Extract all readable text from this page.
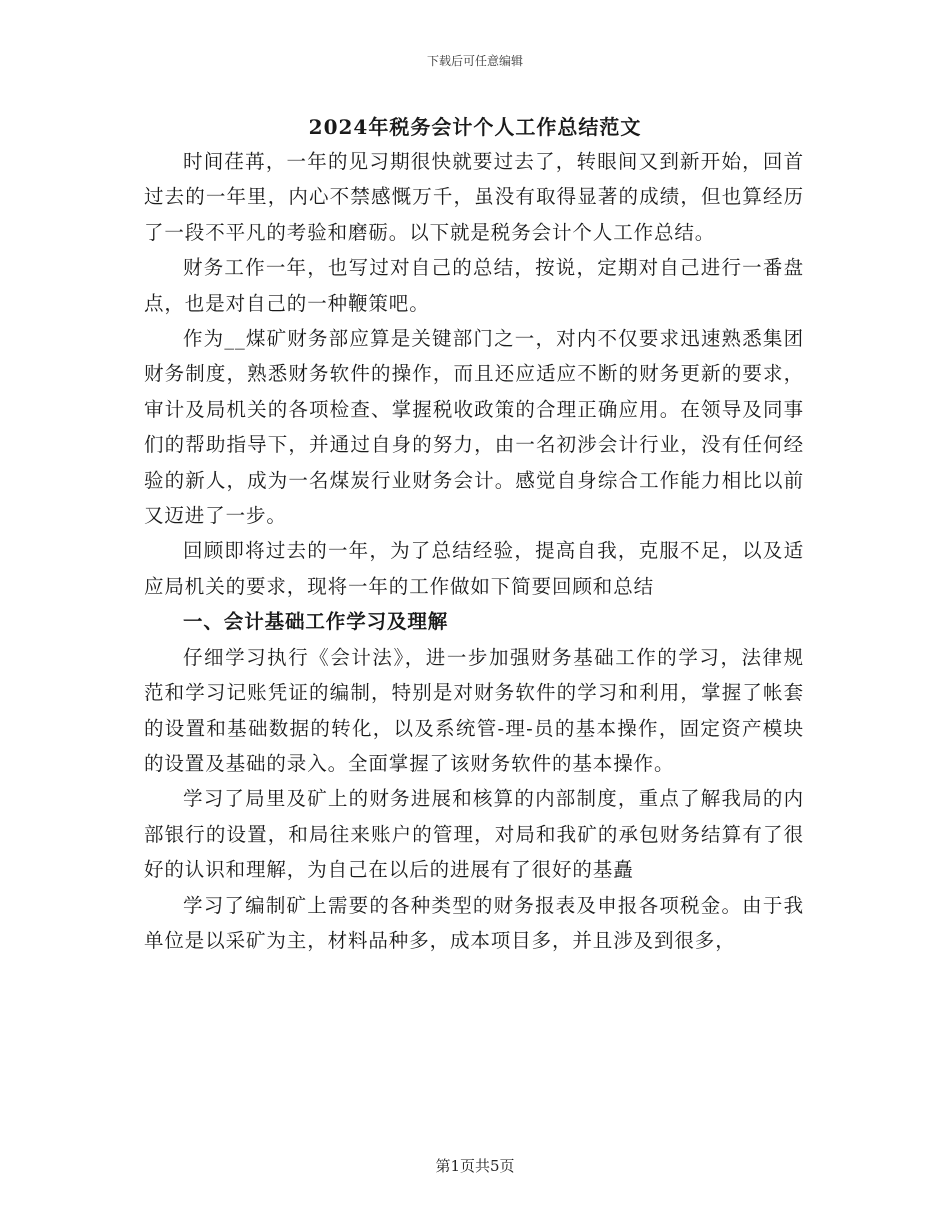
下载后可任意编辑
2024年税务会计个人工作总结范文

时间荏苒，一年的见习期很快就要过去了，转眼间又到新开始，回首过去的一年里，内心不禁感慨万千，虽没有取得显著的成绩，但也算经历了一段不平凡的考验和磨砺。以下就是税务会计个人工作总结。

财务工作一年，也写过对自己的总结，按说，定期对自己进行一番盘点，也是对自己的一种鞭策吧。

作为__煤矿财务部应算是关键部门之一，对内不仅要求迅速熟悉集团财务制度，熟悉财务软件的操作，而且还应适应不断的财务更新的要求，审计及局机关的各项检查、掌握税收政策的合理正确应用。在领导及同事们的帮助指导下，并通过自身的努力，由一名初涉会计行业，没有任何经验的新人，成为一名煤炭行业财务会计。感觉自身综合工作能力相比以前又迈进了一步。

回顾即将过去的一年，为了总结经验，提高自我，克服不足，以及适应局机关的要求，现将一年的工作做如下简要回顾和总结

一、会计基础工作学习及理解

仔细学习执行《会计法》，进一步加强财务基础工作的学习，法律规范和学习记账凭证的编制，特别是对财务软件的学习和利用，掌握了帐套的设置和基础数据的转化，以及系统管-理-员的基本操作，固定资产模块的设置及基础的录入。全面掌握了该财务软件的基本操作。

学习了局里及矿上的财务进展和核算的内部制度，重点了解我局的内部银行的设置，和局往来账户的管理，对局和我矿的承包财务结算有了很好的认识和理解，为自己在以后的进展有了很好的基矗

学习了编制矿上需要的各种类型的财务报表及申报各项税金。由于我单位是以采矿为主，材料品种多，成本项目多，并且涉及到很多，

第1页共5页
